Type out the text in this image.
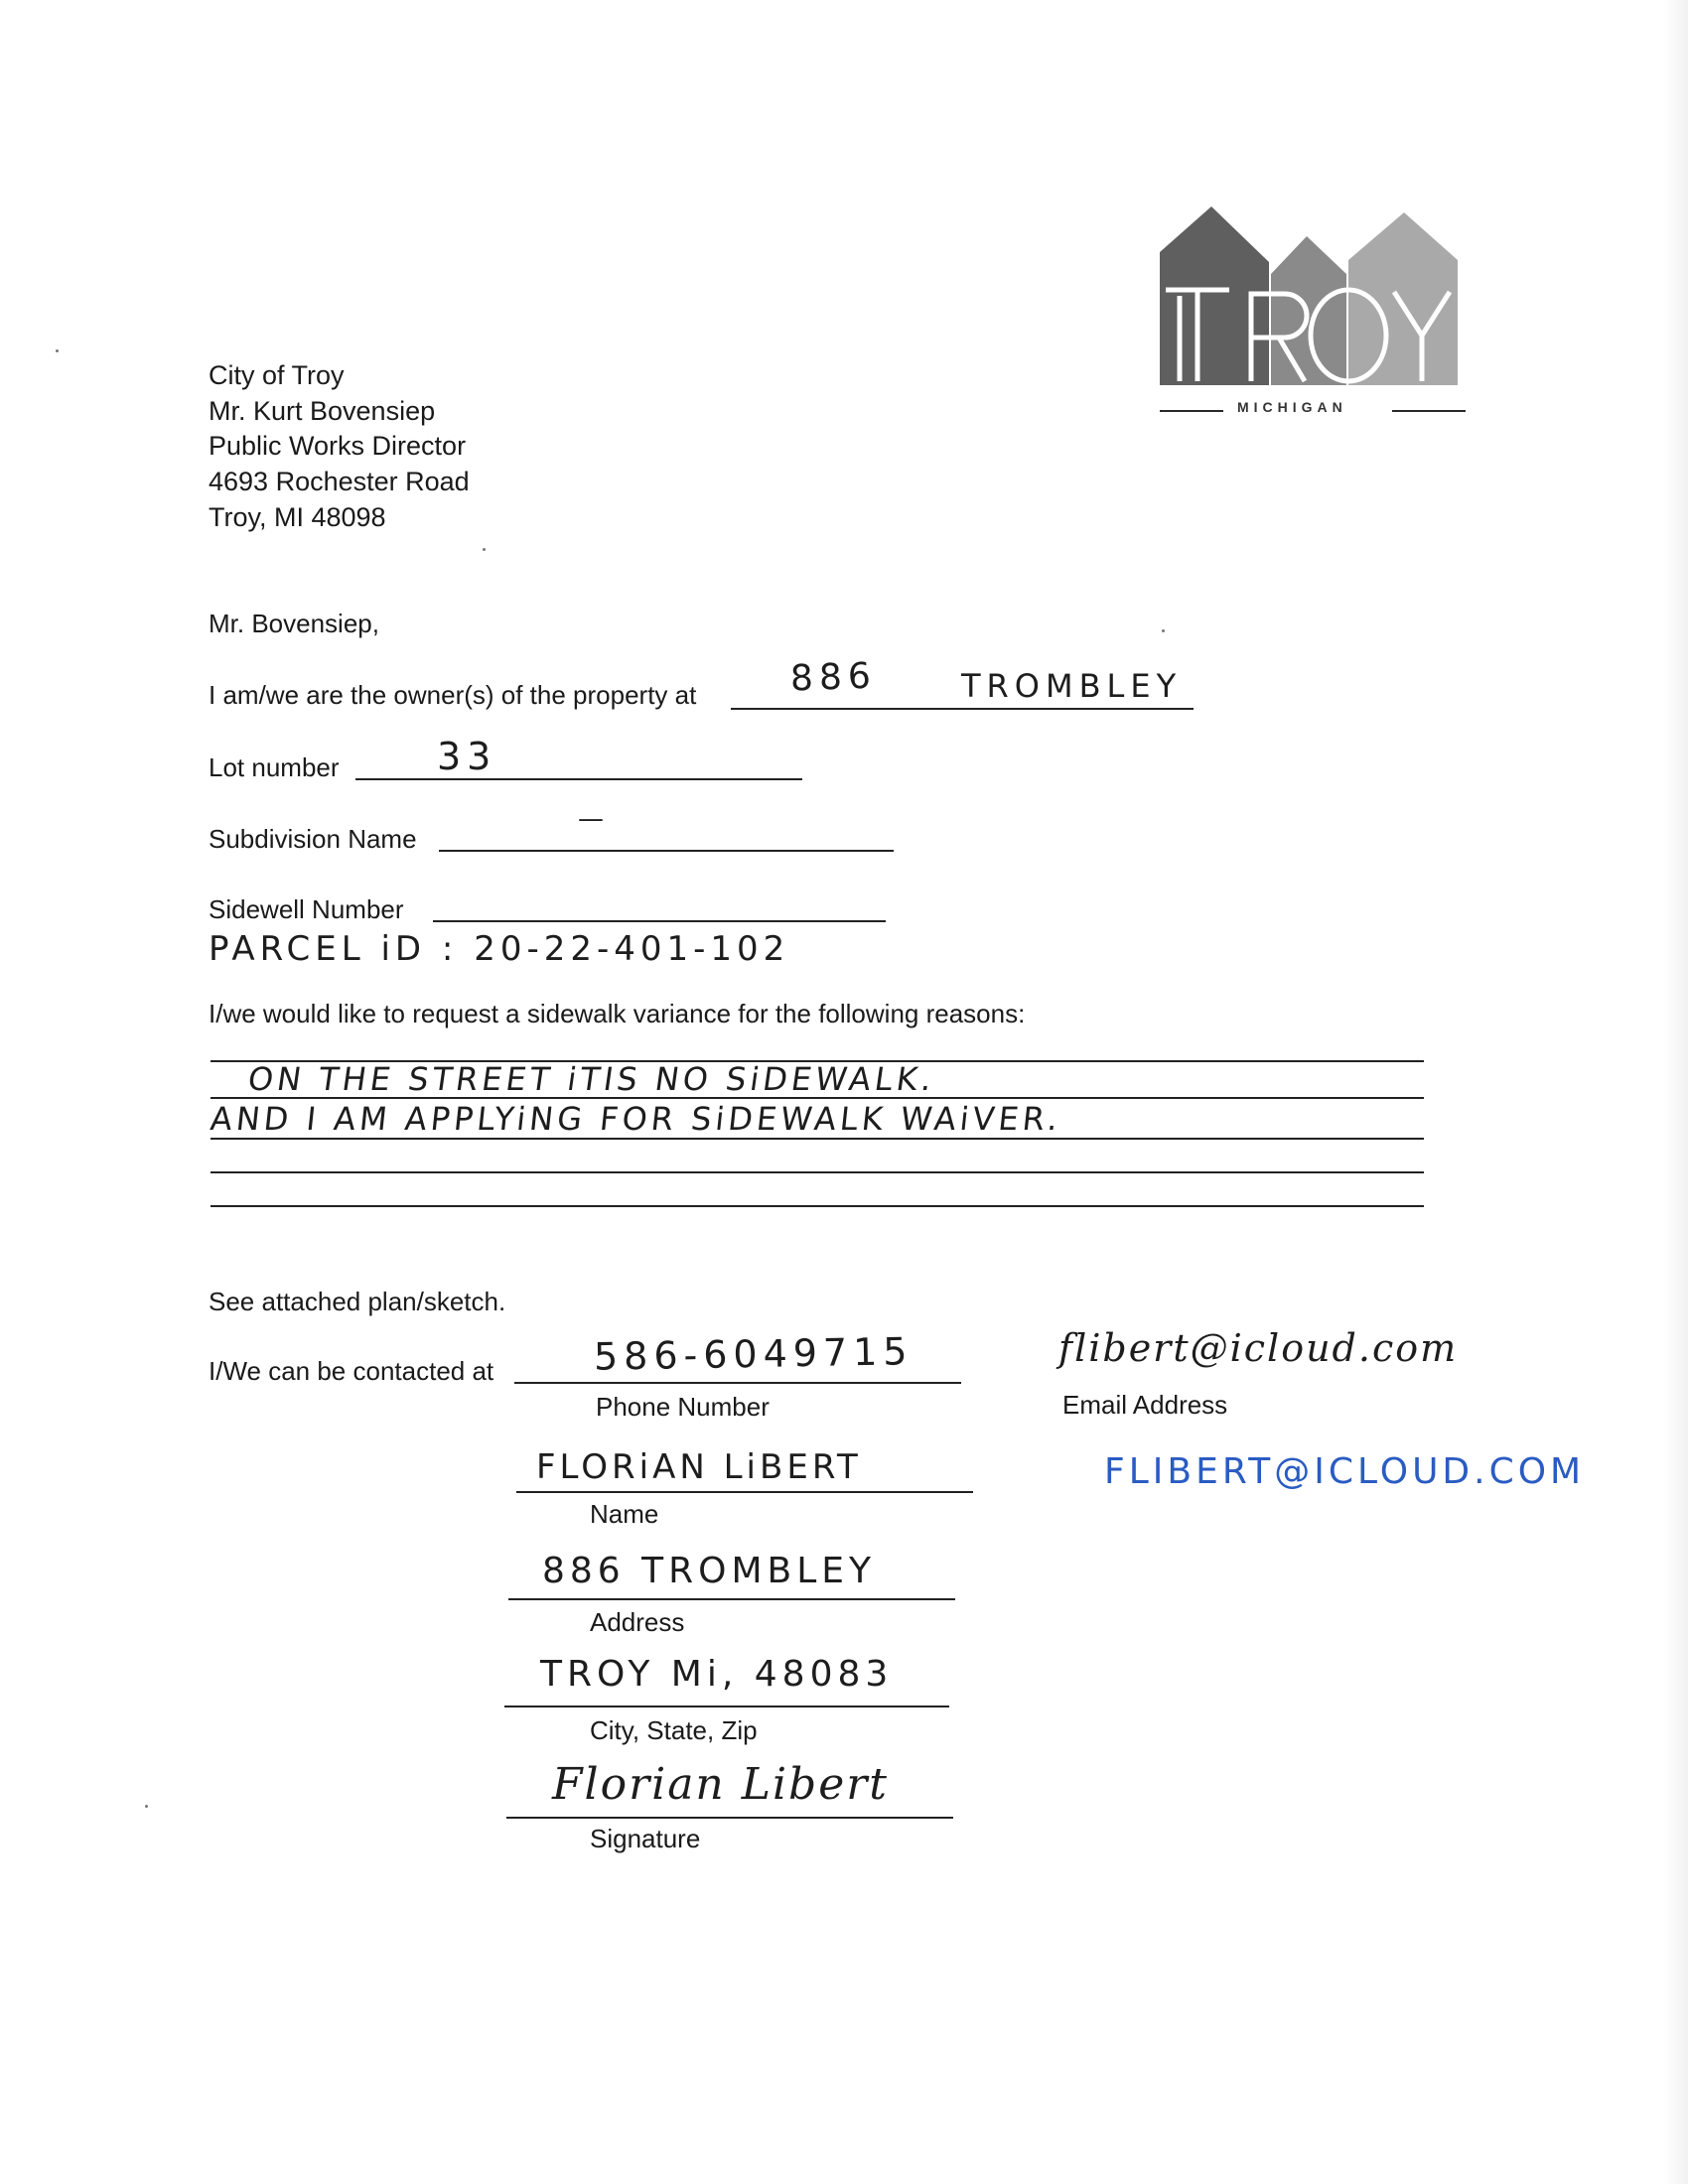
MICHIGAN
City of Troy
Mr. Kurt Bovensiep
Public Works Director
4693 Rochester Road
Troy, MI 48098
Mr. Bovensiep,
I am/we are the owner(s) of the property at	886	TROMBLEY
Lot number	33
Subdivision Name
—
Sidewell Number
PARCEL iD : 20-22-401-102
I/we would like to request a sidewalk variance for the following reasons:
ON THE STREET iTIS NO SiDEWALK.
AND I AM APPLYiNG FOR SiDEWALK WAiVER.
See attached plan/sketch.
I/We can be contacted at	586-6049715
Phone Number
flibert@icloud.com
Email Address
FLIBERT@ICLOUD.COM
FLORiAN LiBERT
Name
886 TROMBLEY
Address
TROY Mi, 48083
City, State, Zip
Florian Libert
Signature
